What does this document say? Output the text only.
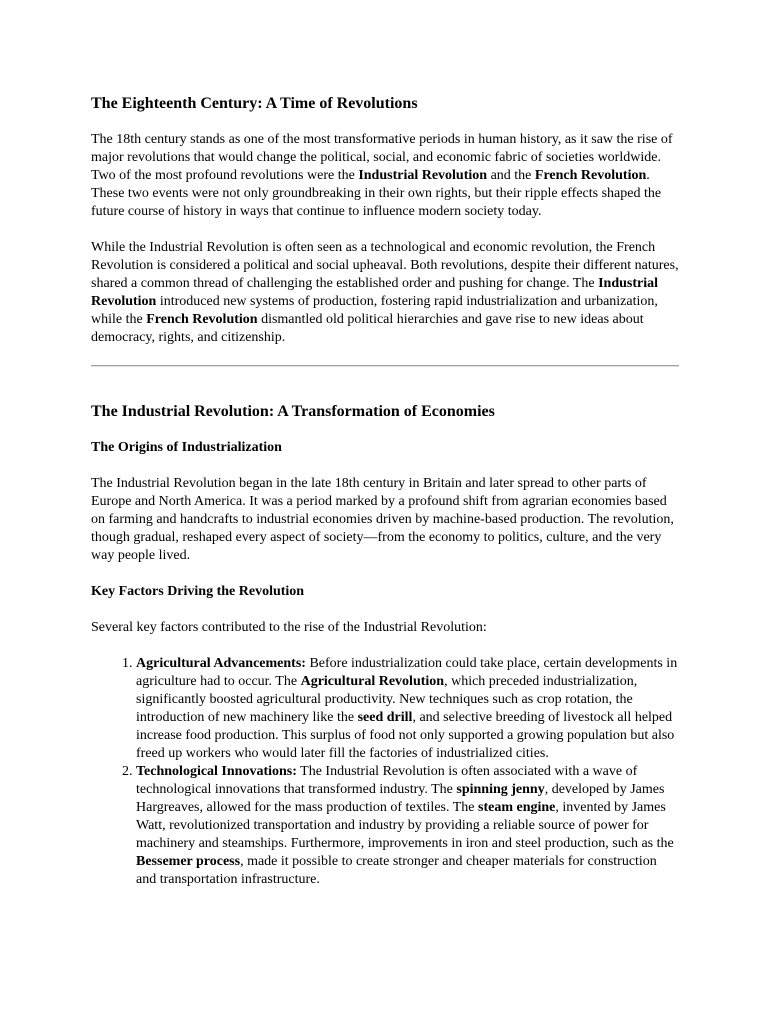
The Eighteenth Century: A Time of Revolutions

The 18th century stands as one of the most transformative periods in human history, as it saw the rise of major revolutions that would change the political, social, and economic fabric of societies worldwide. Two of the most profound revolutions were the Industrial Revolution and the French Revolution. These two events were not only groundbreaking in their own rights, but their ripple effects shaped the future course of history in ways that continue to influence modern society today.

While the Industrial Revolution is often seen as a technological and economic revolution, the French Revolution is considered a political and social upheaval. Both revolutions, despite their different natures, shared a common thread of challenging the established order and pushing for change. The Industrial Revolution introduced new systems of production, fostering rapid industrialization and urbanization, while the French Revolution dismantled old political hierarchies and gave rise to new ideas about democracy, rights, and citizenship.

The Industrial Revolution: A Transformation of Economies
The Origins of Industrialization

The Industrial Revolution began in the late 18th century in Britain and later spread to other parts of Europe and North America. It was a period marked by a profound shift from agrarian economies based on farming and handcrafts to industrial economies driven by machine-based production. The revolution, though gradual, reshaped every aspect of society—from the economy to politics, culture, and the very way people lived.

Key Factors Driving the Revolution

Several key factors contributed to the rise of the Industrial Revolution:

1. Agricultural Advancements: Before industrialization could take place, certain developments in agriculture had to occur. The Agricultural Revolution, which preceded industrialization, significantly boosted agricultural productivity. New techniques such as crop rotation, the introduction of new machinery like the seed drill, and selective breeding of livestock all helped increase food production. This surplus of food not only supported a growing population but also freed up workers who would later fill the factories of industrialized cities.
2. Technological Innovations: The Industrial Revolution is often associated with a wave of technological innovations that transformed industry. The spinning jenny, developed by James Hargreaves, allowed for the mass production of textiles. The steam engine, invented by James Watt, revolutionized transportation and industry by providing a reliable source of power for machinery and steamships. Furthermore, improvements in iron and steel production, such as the Bessemer process, made it possible to create stronger and cheaper materials for construction and transportation infrastructure.
